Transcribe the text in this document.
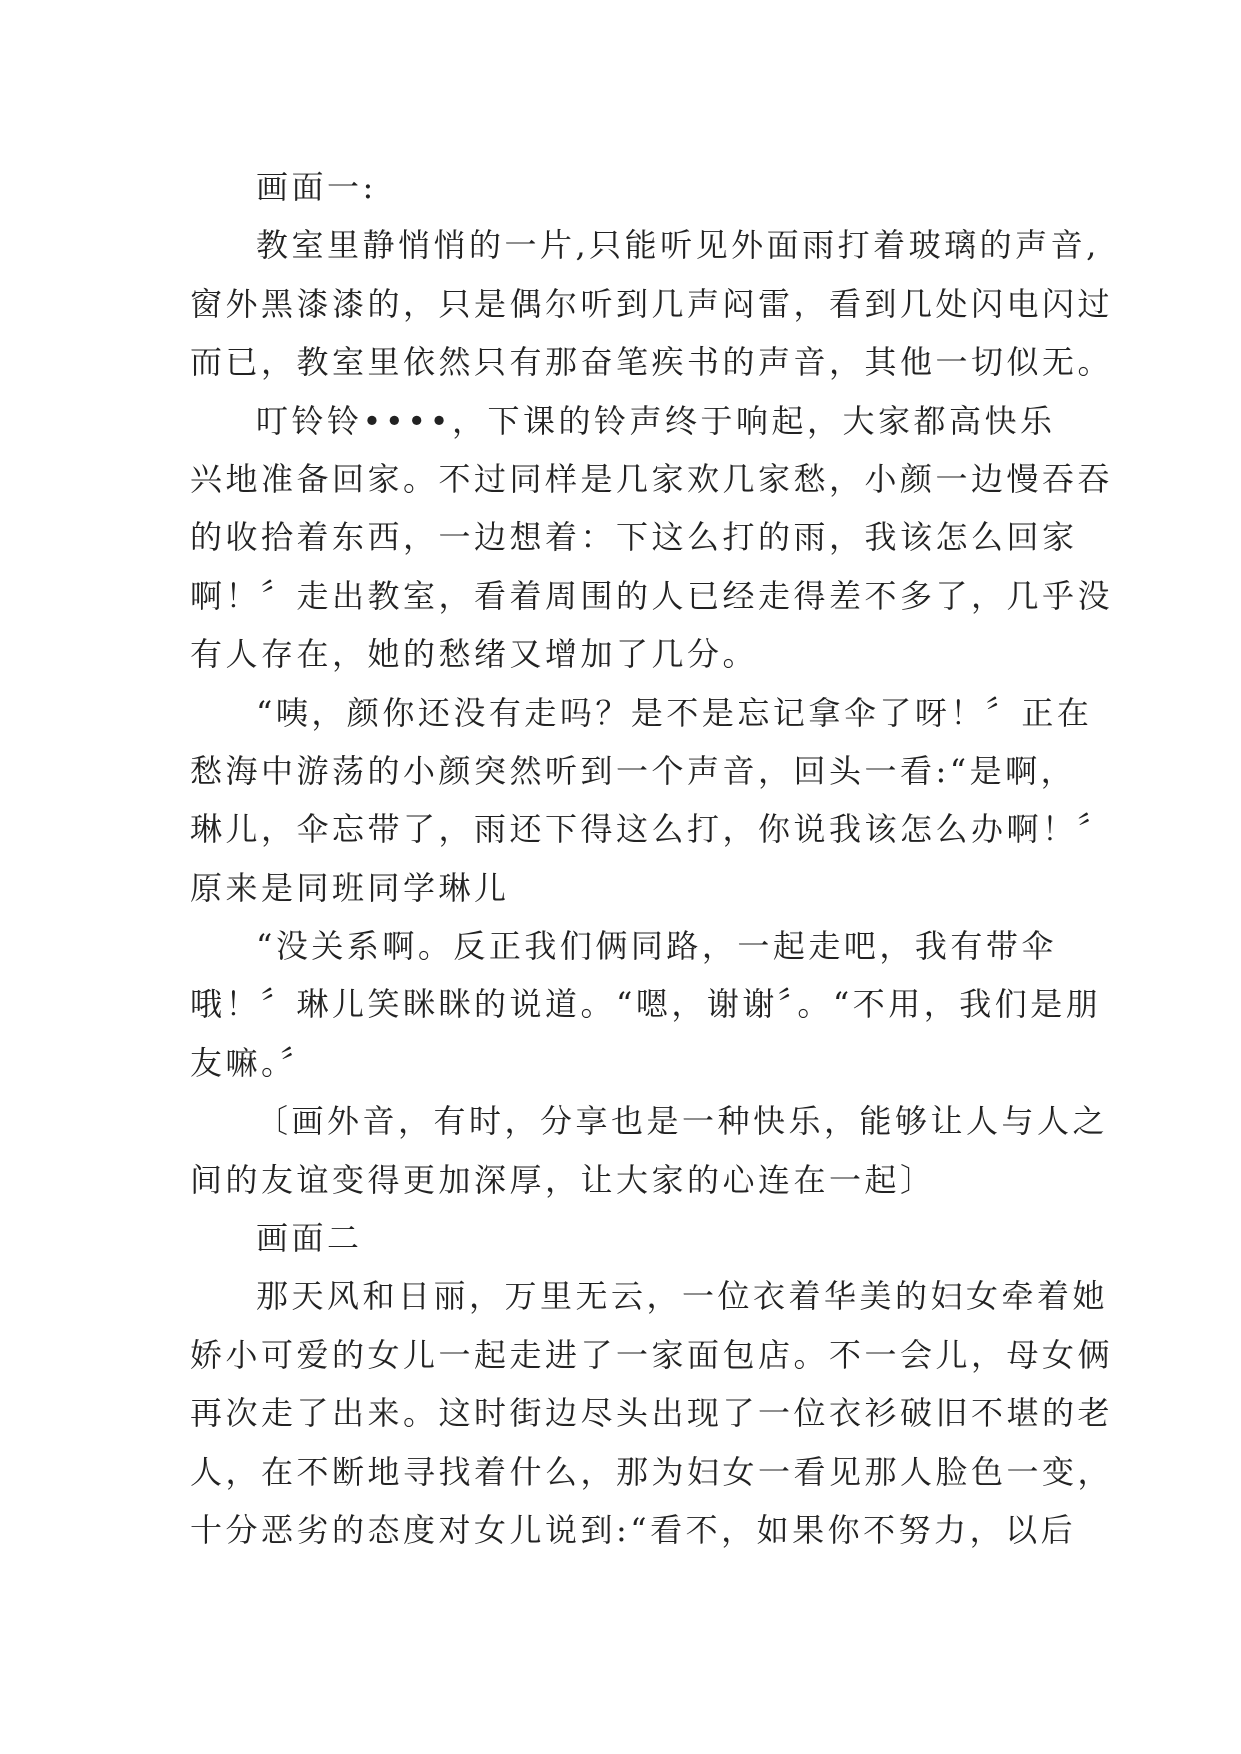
画面一:
教室里静悄悄的一片,只能听见外面雨打着玻璃的声音,
窗外黑漆漆的，只是偶尔听到几声闷雷，看到几处闪电闪过
而已，教室里依然只有那奋笔疾书的声音，其他一切似无。
叮铃铃••••，下课的铃声终于响起，大家都高快乐
兴地准备回家。不过同样是几家欢几家愁，小颜一边慢吞吞
的收拾着东西，一边想着：下这么打的雨，我该怎么回家
啊！〞走出教室，看着周围的人已经走得差不多了，几乎没
有人存在，她的愁绪又增加了几分。
“咦，颜你还没有走吗？是不是忘记拿伞了呀！〞正在
愁海中游荡的小颜突然听到一个声音，回头一看:“是啊，
琳儿，伞忘带了，雨还下得这么打，你说我该怎么办啊！〞
原来是同班同学琳儿
“没关系啊。反正我们俩同路，一起走吧，我有带伞
哦！〞琳儿笑眯眯的说道。“嗯，谢谢〞。“不用，我们是朋
友嘛。〞
〔画外音，有时，分享也是一种快乐，能够让人与人之
间的友谊变得更加深厚，让大家的心连在一起〕
画面二
那天风和日丽，万里无云，一位衣着华美的妇女牵着她
娇小可爱的女儿一起走进了一家面包店。不一会儿，母女俩
再次走了出来。这时街边尽头出现了一位衣衫破旧不堪的老
人，在不断地寻找着什么，那为妇女一看见那人脸色一变，
十分恶劣的态度对女儿说到:“看不，如果你不努力，以后
